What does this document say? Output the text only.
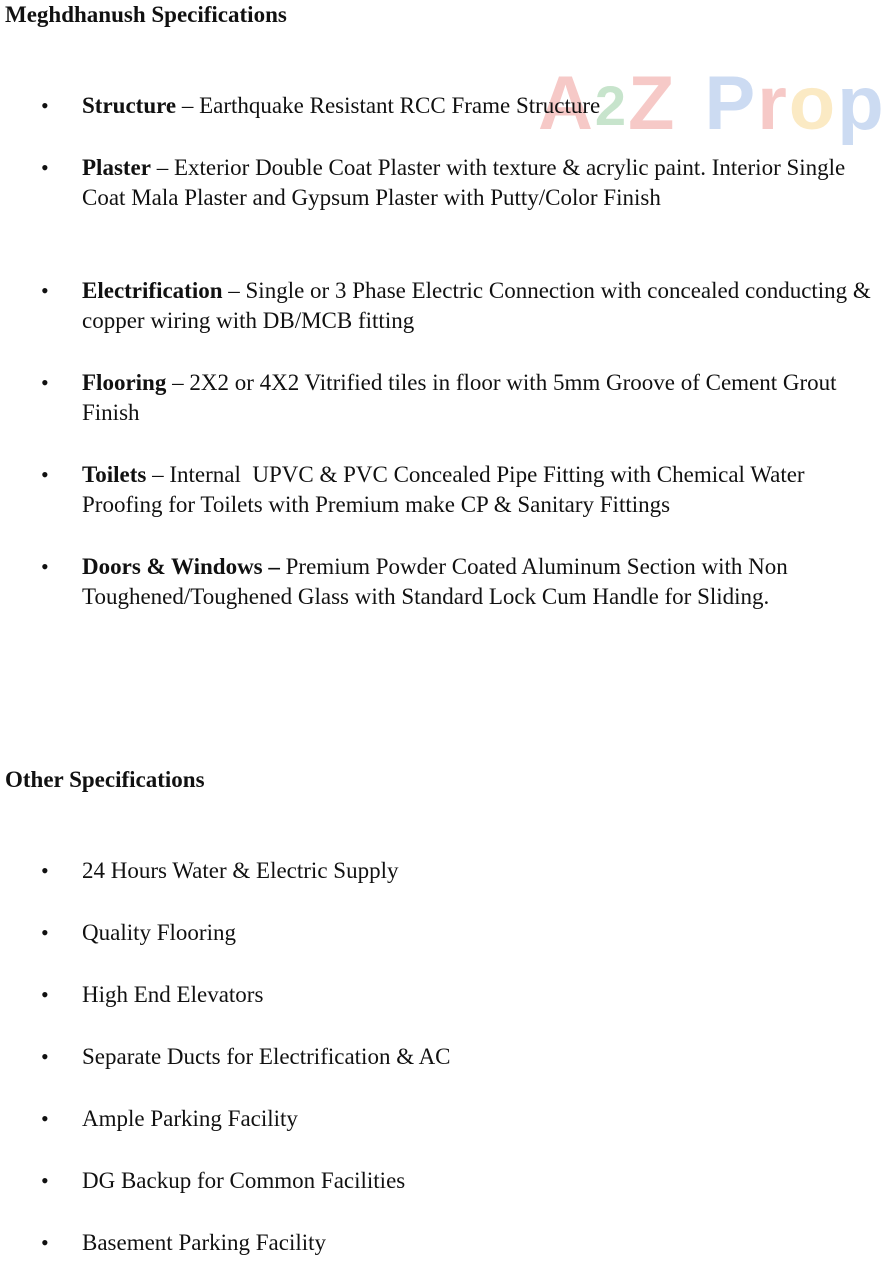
A2Z Prop
Meghdhanush Specifications
• Structure – Earthquake Resistant RCC Frame Structure
• Plaster – Exterior Double Coat Plaster with texture & acrylic paint. Interior Single Coat Mala Plaster and Gypsum Plaster with Putty/Color Finish
• Electrification – Single or 3 Phase Electric Connection with concealed conducting & copper wiring with DB/MCB fitting
• Flooring – 2X2 or 4X2 Vitrified tiles in floor with 5mm Groove of Cement Grout Finish
• Toilets – Internal  UPVC & PVC Concealed Pipe Fitting with Chemical Water Proofing for Toilets with Premium make CP & Sanitary Fittings
• Doors & Windows – Premium Powder Coated Aluminum Section with Non Toughened/Toughened Glass with Standard Lock Cum Handle for Sliding.
Other Specifications
• 24 Hours Water & Electric Supply
• Quality Flooring
• High End Elevators
• Separate Ducts for Electrification & AC
• Ample Parking Facility
• DG Backup for Common Facilities
• Basement Parking Facility
